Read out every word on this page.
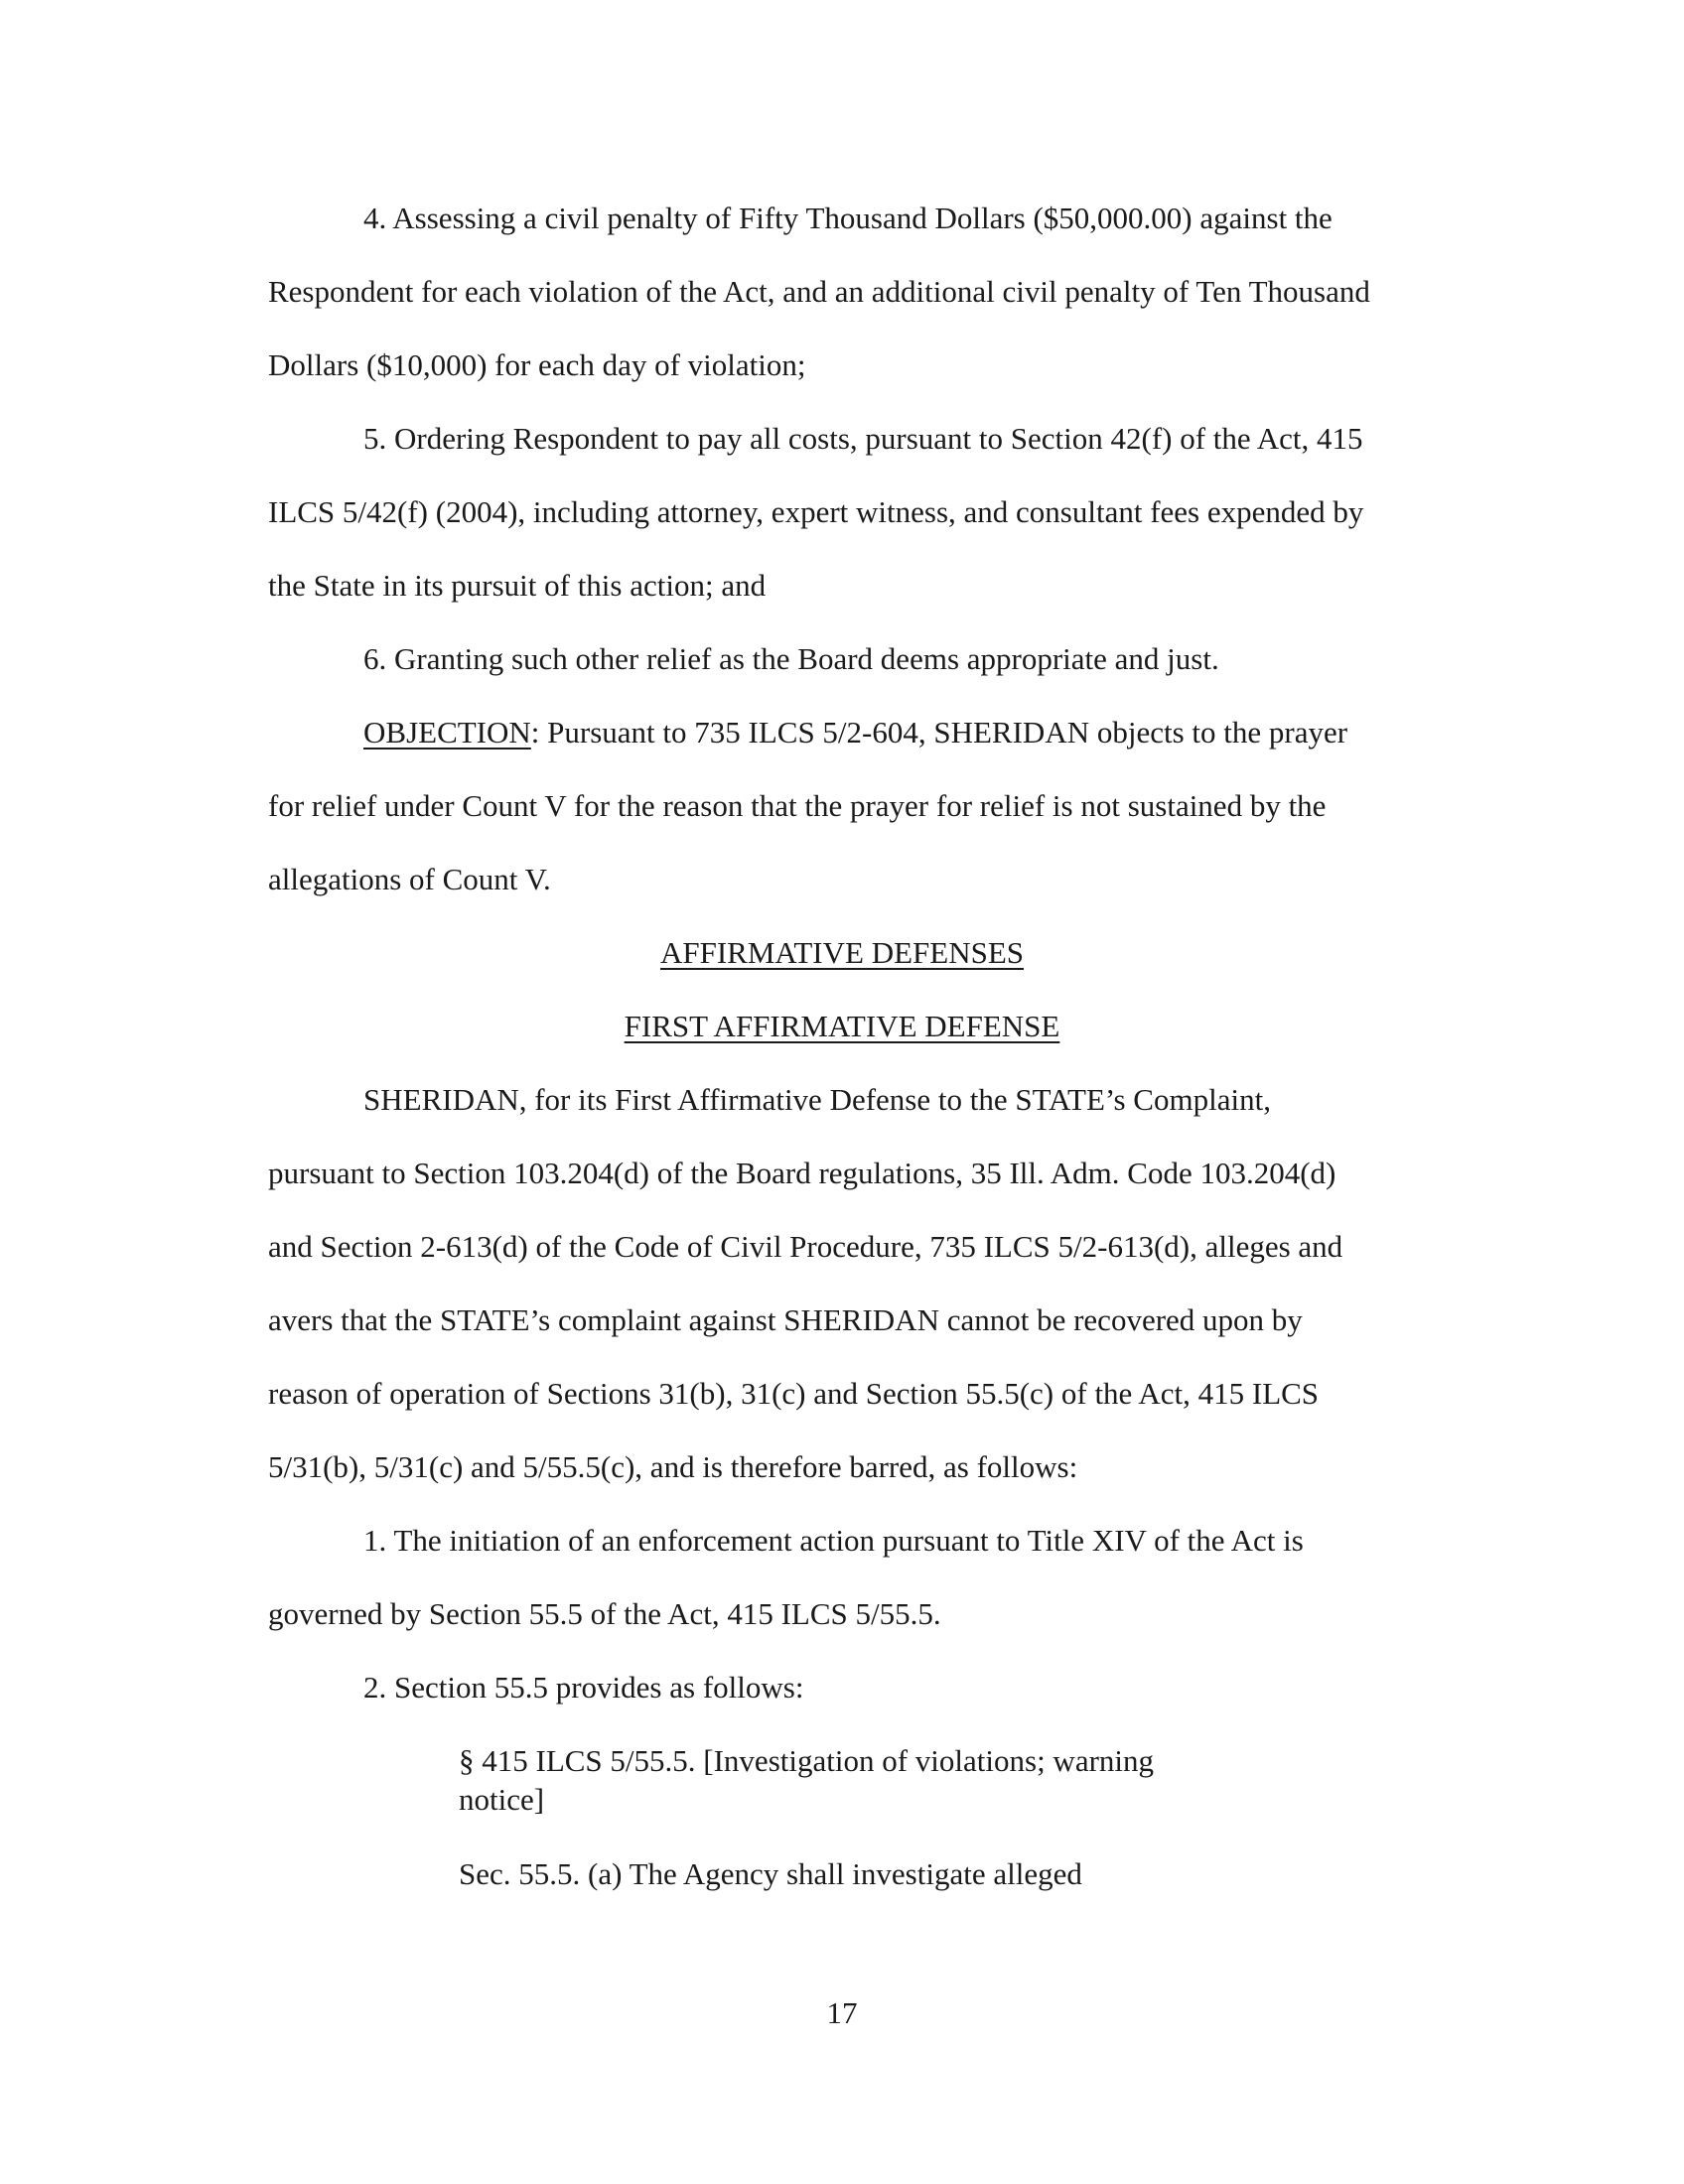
4. Assessing a civil penalty of Fifty Thousand Dollars ($50,000.00) against the
Respondent for each violation of the Act, and an additional civil penalty of Ten Thousand
Dollars ($10,000) for each day of violation;
5. Ordering Respondent to pay all costs, pursuant to Section 42(f) of the Act, 415
ILCS 5/42(f) (2004), including attorney, expert witness, and consultant fees expended by
the State in its pursuit of this action; and
6. Granting such other relief as the Board deems appropriate and just.
OBJECTION: Pursuant to 735 ILCS 5/2-604, SHERIDAN objects to the prayer
for relief under Count V for the reason that the prayer for relief is not sustained by the
allegations of Count V.
AFFIRMATIVE DEFENSES
FIRST AFFIRMATIVE DEFENSE
SHERIDAN, for its First Affirmative Defense to the STATE’s Complaint,
pursuant to Section 103.204(d) of the Board regulations, 35 Ill. Adm. Code 103.204(d)
and Section 2-613(d) of the Code of Civil Procedure, 735 ILCS 5/2-613(d), alleges and
avers that the STATE’s complaint against SHERIDAN cannot be recovered upon by
reason of operation of Sections 31(b), 31(c) and Section 55.5(c) of the Act, 415 ILCS
5/31(b), 5/31(c) and 5/55.5(c), and is therefore barred, as follows:
1. The initiation of an enforcement action pursuant to Title XIV of the Act is
governed by Section 55.5 of the Act, 415 ILCS 5/55.5.
2. Section 55.5 provides as follows:
§ 415 ILCS 5/55.5. [Investigation of violations; warning
notice]
Sec. 55.5. (a) The Agency shall investigate alleged
17
